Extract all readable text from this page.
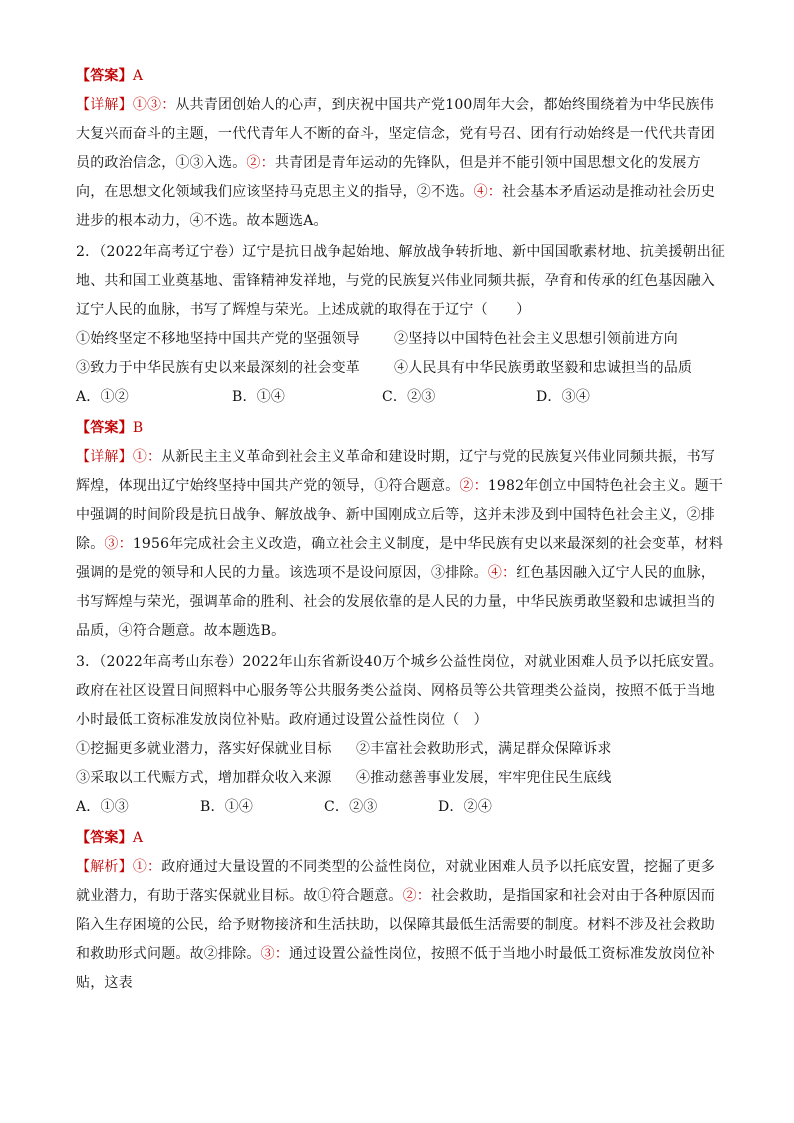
【答案】A

【详解】①③：从共青团创始人的心声，到庆祝中国共产党100周年大会，都始终围绕着为中华民族伟大复兴而奋斗的主题，一代代青年人不断的奋斗，坚定信念，党有号召、团有行动始终是一代代共青团员的政治信念，①③入选。②：共青团是青年运动的先锋队，但是并不能引领中国思想文化的发展方向，在思想文化领域我们应该坚持马克思主义的指导，②不选。④：社会基本矛盾运动是推动社会历史进步的根本动力，④不选。故本题选A。

2．（2022年高考辽宁卷）辽宁是抗日战争起始地、解放战争转折地、新中国国歌素材地、抗美援朝出征地、共和国工业奠基地、雷锋精神发祥地，与党的民族复兴伟业同频共振，孕育和传承的红色基因融入辽宁人民的血脉，书写了辉煌与荣光。上述成就的取得在于辽宁（　　）

①始终坚定不移地坚持中国共产党的坚强领导	②坚持以中国特色社会主义思想引领前进方向
③致力于中华民族有史以来最深刻的社会变革	④人民具有中华民族勇敢坚毅和忠诚担当的品质
A．①②	B．①④	C．②③	D．③④

【答案】B

【详解】①：从新民主主义革命到社会主义革命和建设时期，辽宁与党的民族复兴伟业同频共振，书写辉煌，体现出辽宁始终坚持中国共产党的领导，①符合题意。②：1982年创立中国特色社会主义。题干中强调的时间阶段是抗日战争、解放战争、新中国刚成立后等，这并未涉及到中国特色社会主义，②排除。③：1956年完成社会主义改造，确立社会主义制度，是中华民族有史以来最深刻的社会变革，材料强调的是党的领导和人民的力量。该选项不是设问原因，③排除。④：红色基因融入辽宁人民的血脉，书写辉煌与荣光，强调革命的胜利、社会的发展依靠的是人民的力量，中华民族勇敢坚毅和忠诚担当的品质，④符合题意。故本题选B。

3．（2022年高考山东卷）2022年山东省新设40万个城乡公益性岗位，对就业困难人员予以托底安置。政府在社区设置日间照料中心服务等公共服务类公益岗、网格员等公共管理类公益岗，按照不低于当地小时最低工资标准发放岗位补贴。政府通过设置公益性岗位（　）

①挖掘更多就业潜力，落实好保就业目标	②丰富社会救助形式，满足群众保障诉求
③采取以工代赈方式，增加群众收入来源	④推动慈善事业发展，牢牢兜住民生底线
A．①③	B．①④	C．②③	D．②④

【答案】A

【解析】①：政府通过大量设置的不同类型的公益性岗位，对就业困难人员予以托底安置，挖掘了更多就业潜力，有助于落实保就业目标。故①符合题意。②：社会救助，是指国家和社会对由于各种原因而陷入生存困境的公民，给予财物接济和生活扶助，以保障其最低生活需要的制度。材料不涉及社会救助和救助形式问题。故②排除。③：通过设置公益性岗位，按照不低于当地小时最低工资标准发放岗位补贴，这表
